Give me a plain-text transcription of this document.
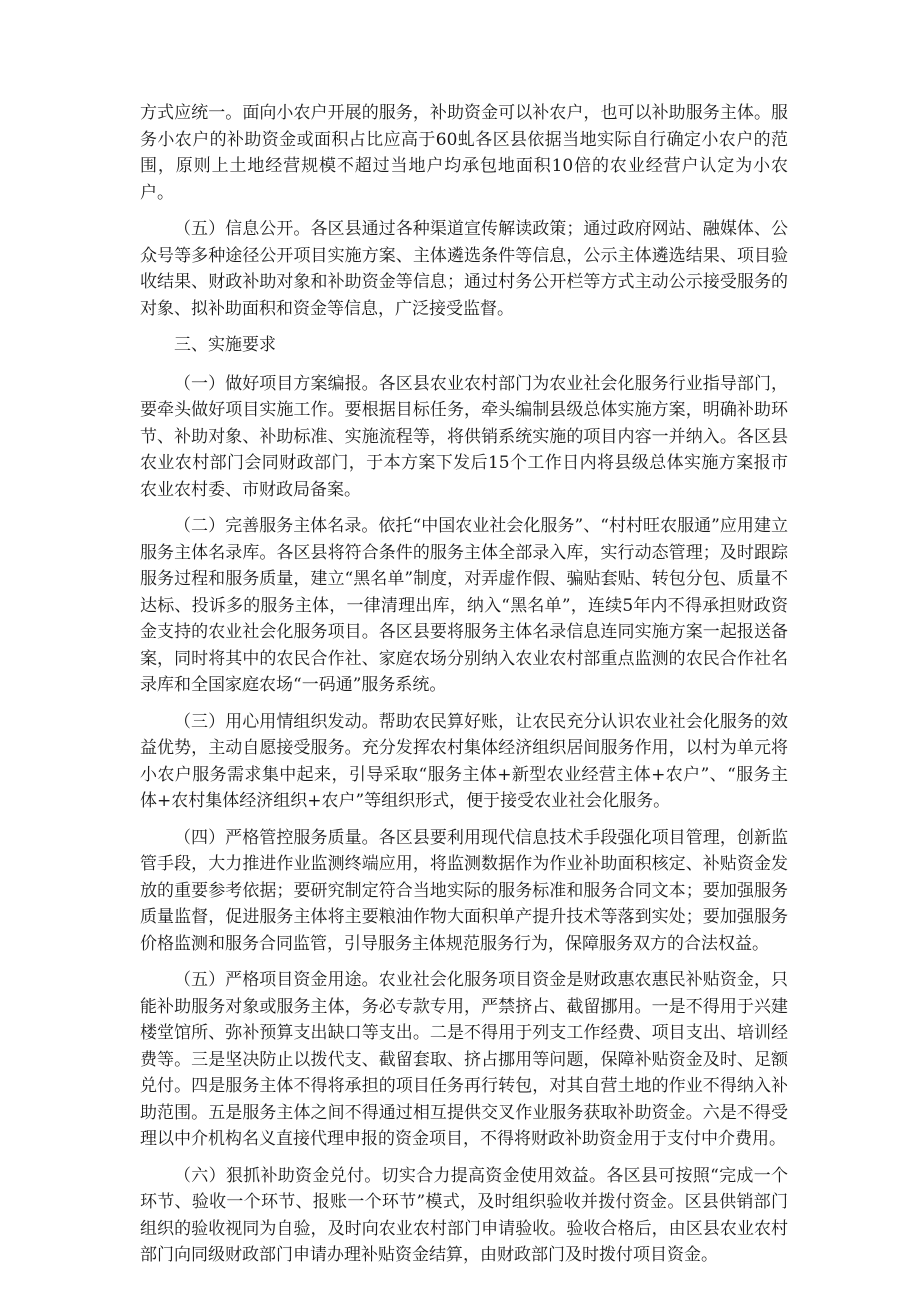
方式应统一。面向小农户开展的服务，补助资金可以补农户，也可以补助服务主体。服务小农户的补助资金或面积占比应高于60虬各区县依据当地实际自行确定小农户的范围，原则上土地经营规模不超过当地户均承包地面积10倍的农业经营户认定为小农户。

（五）信息公开。各区县通过各种渠道宣传解读政策；通过政府网站、融媒体、公众号等多种途径公开项目实施方案、主体遴选条件等信息，公示主体遴选结果、项目验收结果、财政补助对象和补助资金等信息；通过村务公开栏等方式主动公示接受服务的对象、拟补助面积和资金等信息，广泛接受监督。

三、实施要求

（一）做好项目方案编报。各区县农业农村部门为农业社会化服务行业指导部门，要牵头做好项目实施工作。要根据目标任务，牵头编制县级总体实施方案，明确补助环节、补助对象、补助标准、实施流程等，将供销系统实施的项目内容一并纳入。各区县农业农村部门会同财政部门，于本方案下发后15个工作日内将县级总体实施方案报市农业农村委、市财政局备案。

（二）完善服务主体名录。依托“中国农业社会化服务”、“村村旺农服通”应用建立服务主体名录库。各区县将符合条件的服务主体全部录入库，实行动态管理；及时跟踪服务过程和服务质量，建立“黑名单”制度，对弄虚作假、骗贴套贴、转包分包、质量不达标、投诉多的服务主体，一律清理出库，纳入“黑名单”，连续5年内不得承担财政资金支持的农业社会化服务项目。各区县要将服务主体名录信息连同实施方案一起报送备案，同时将其中的农民合作社、家庭农场分别纳入农业农村部重点监测的农民合作社名录库和全国家庭农场“一码通”服务系统。

（三）用心用情组织发动。帮助农民算好账，让农民充分认识农业社会化服务的效益优势，主动自愿接受服务。充分发挥农村集体经济组织居间服务作用，以村为单元将小农户服务需求集中起来，引导采取“服务主体+新型农业经营主体+农户”、“服务主体+农村集体经济组织+农户”等组织形式，便于接受农业社会化服务。

（四）严格管控服务质量。各区县要利用现代信息技术手段强化项目管理，创新监管手段，大力推进作业监测终端应用，将监测数据作为作业补助面积核定、补贴资金发放的重要参考依据；要研究制定符合当地实际的服务标准和服务合同文本；要加强服务质量监督，促进服务主体将主要粮油作物大面积单产提升技术等落到实处；要加强服务价格监测和服务合同监管，引导服务主体规范服务行为，保障服务双方的合法权益。

（五）严格项目资金用途。农业社会化服务项目资金是财政惠农惠民补贴资金，只能补助服务对象或服务主体，务必专款专用，严禁挤占、截留挪用。一是不得用于兴建楼堂馆所、弥补预算支出缺口等支出。二是不得用于列支工作经费、项目支出、培训经费等。三是坚决防止以拨代支、截留套取、挤占挪用等问题，保障补贴资金及时、足额兑付。四是服务主体不得将承担的项目任务再行转包，对其自营土地的作业不得纳入补助范围。五是服务主体之间不得通过相互提供交叉作业服务获取补助资金。六是不得受理以中介机构名义直接代理申报的资金项目，不得将财政补助资金用于支付中介费用。

（六）狠抓补助资金兑付。切实合力提高资金使用效益。各区县可按照“完成一个环节、验收一个环节、报账一个环节”模式，及时组织验收并拨付资金。区县供销部门组织的验收视同为自验，及时向农业农村部门申请验收。验收合格后，由区县农业农村部门向同级财政部门申请办理补贴资金结算，由财政部门及时拨付项目资金。
